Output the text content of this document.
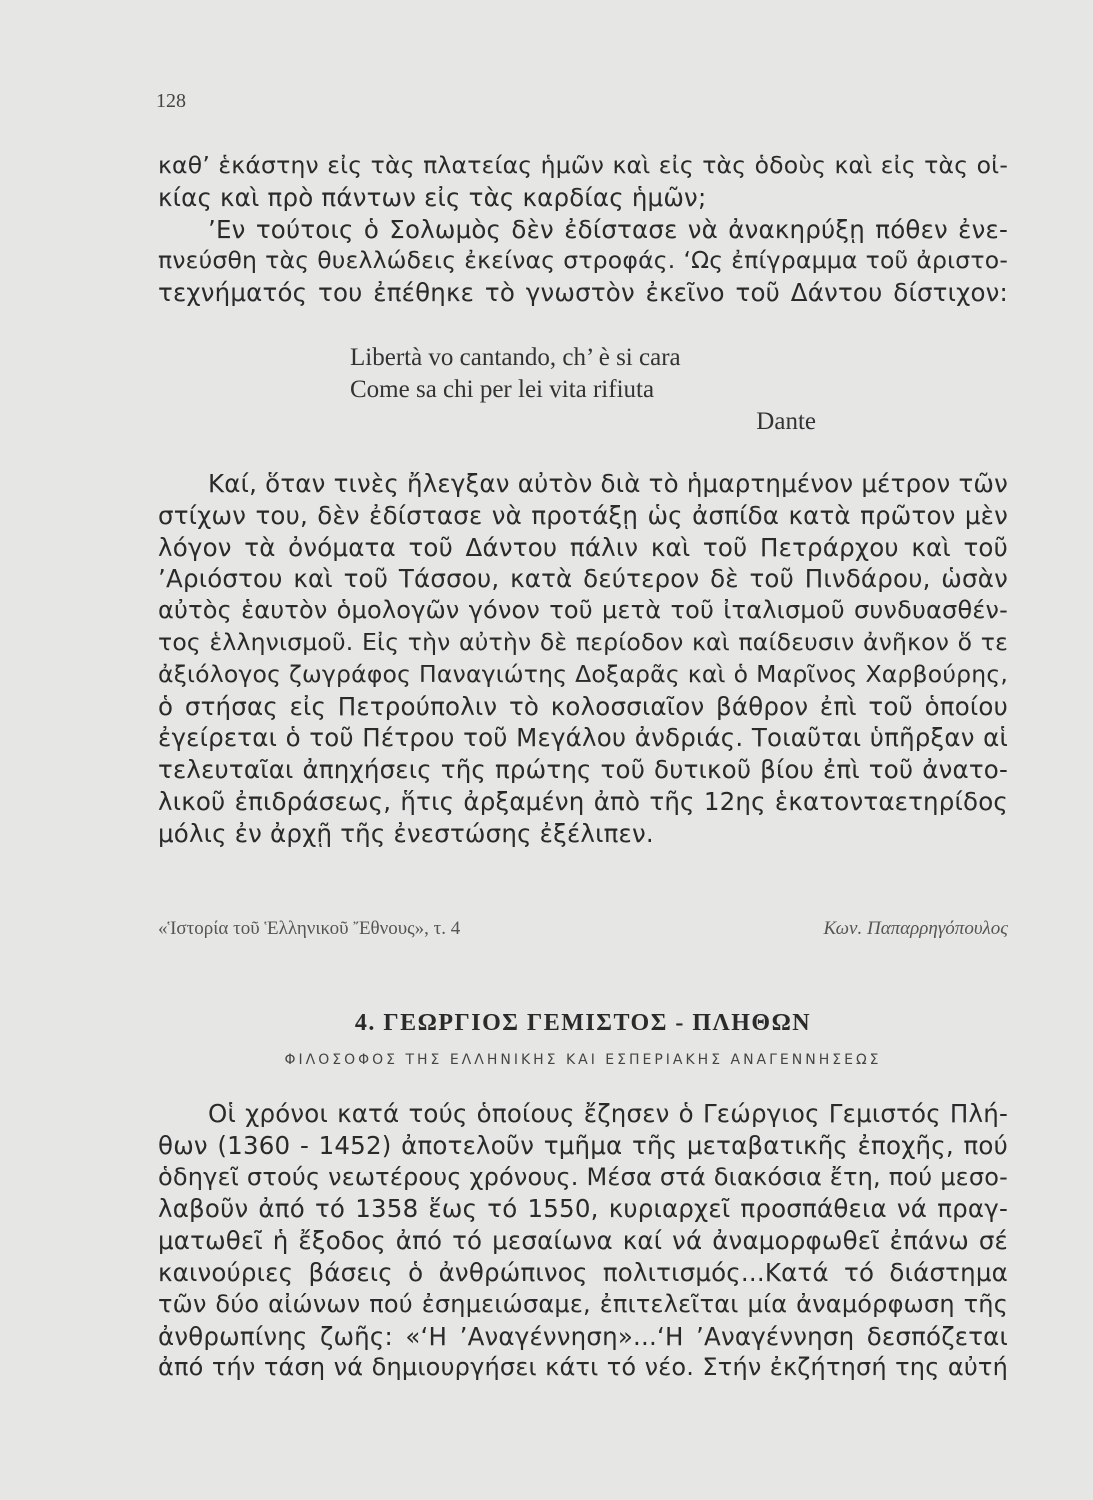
128
καθ’ ἑκάστην εἰς τὰς πλατείας ἡμῶν καὶ εἰς τὰς ὁδοὺς καὶ εἰς τὰς οἰ-
κίας καὶ πρὸ πάντων εἰς τὰς καρδίας ἡμῶν;
’Εν τούτοις ὁ Σολωμὸς δὲν ἐδίστασε νὰ ἀνακηρύξῃ πόθεν ἐνε-
πνεύσθη τὰς θυελλώδεις ἐκείνας στροφάς. ‘Ως ἐπίγραμμα τοῦ ἀριστο-
τεχνήματός του ἐπέθηκε τὸ γνωστὸν ἐκεῖνο τοῦ Δάντου δίστιχον:
Libertà vo cantando, ch’ è si cara
Come sa chi per lei vita rifiuta
Dante
Καί, ὅταν τινὲς ἤλεγξαν αὐτὸν διὰ τὸ ἡμαρτημένον μέτρον τῶν
στίχων του, δὲν ἐδίστασε νὰ προτάξῃ ὡς ἀσπίδα κατὰ πρῶτον μὲν
λόγον τὰ ὀνόματα τοῦ Δάντου πάλιν καὶ τοῦ Πετράρχου καὶ τοῦ
’Αριόστου καὶ τοῦ Τάσσου, κατὰ δεύτερον δὲ τοῦ Πινδάρου, ὡσὰν
αὐτὸς ἑαυτὸν ὁμολογῶν γόνον τοῦ μετὰ τοῦ ἰταλισμοῦ συνδυασθέν-
τος ἑλληνισμοῦ. Εἰς τὴν αὐτὴν δὲ περίοδον καὶ παίδευσιν ἀνῆκον ὅ τε
ἀξιόλογος ζωγράφος Παναγιώτης Δοξαρᾶς καὶ ὁ Μαρῖνος Χαρβούρης,
ὁ στήσας εἰς Πετρούπολιν τὸ κολοσσιαῖον βάθρον ἐπὶ τοῦ ὁποίου
ἐγείρεται ὁ τοῦ Πέτρου τοῦ Μεγάλου ἀνδριάς. Τοιαῦται ὑπῆρξαν αἱ
τελευταῖαι ἀπηχήσεις τῆς πρώτης τοῦ δυτικοῦ βίου ἐπὶ τοῦ ἀνατο-
λικοῦ ἐπιδράσεως, ἥτις ἀρξαμένη ἀπὸ τῆς 12ης ἑκατονταετηρίδος
μόλις ἐν ἀρχῇ τῆς ἐνεστώσης ἐξέλιπεν.
«Ἱστορία τοῦ Ἑλληνικοῦ Ἔθνους», τ. 4	Κων. Παπαρρηγόπουλος
4. ΓΕΩΡΓΙΟΣ ΓΕΜΙΣΤΟΣ - ΠΛΗΘΩΝ
ΦΙΛΟΣΟΦΟΣ ΤΗΣ ΕΛΛΗΝΙΚΗΣ ΚΑΙ ΕΣΠΕΡΙΑΚΗΣ ΑΝΑΓΕΝΝΗΣΕΩΣ
Οἱ χρόνοι κατά τούς ὁποίους ἔζησεν ὁ Γεώργιος Γεμιστός Πλή-
θων (1360 - 1452) ἀποτελοῦν τμῆμα τῆς μεταβατικῆς ἐποχῆς, πού
ὁδηγεῖ στούς νεωτέρους χρόνους. Μέσα στά διακόσια ἔτη, πού μεσο-
λαβοῦν ἀπό τό 1358 ἕως τό 1550, κυριαρχεῖ προσπάθεια νά πραγ-
ματωθεῖ ἡ ἔξοδος ἀπό τό μεσαίωνα καί νά ἀναμορφωθεῖ ἐπάνω σέ
καινούριες βάσεις ὁ ἀνθρώπινος πολιτισμός...Κατά τό διάστημα
τῶν δύο αἰώνων πού ἐσημειώσαμε, ἐπιτελεῖται μία ἀναμόρφωση τῆς
ἀνθρωπίνης ζωῆς: «‘Η ’Αναγέννηση»...‘Η ’Αναγέννηση δεσπόζεται
ἀπό τήν τάση νά δημιουργήσει κάτι τό νέο. Στήν ἐκζήτησή της αὐτή
